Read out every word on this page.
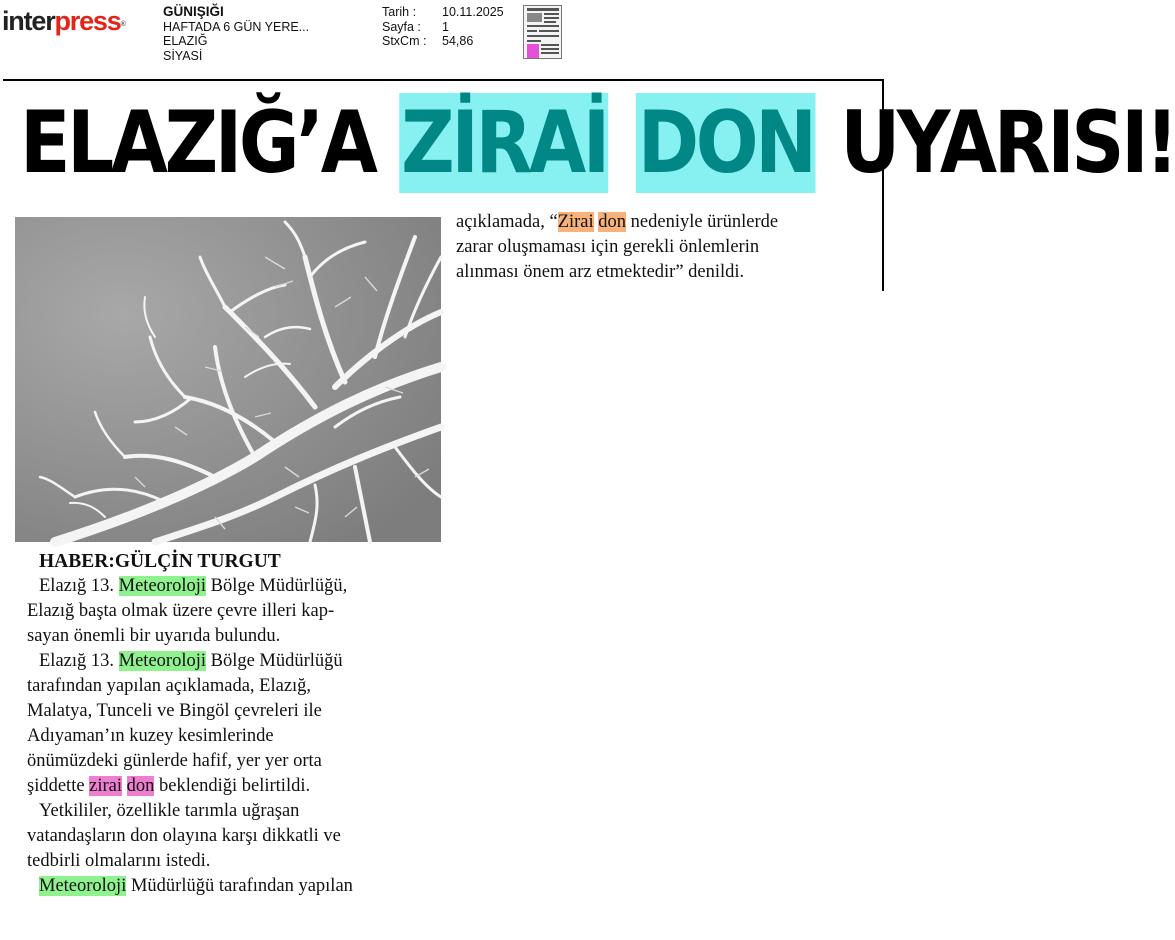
interpress®
GÜNIŞIĞI
HAFTADA 6 GÜN YERE...
ELAZIĞ
SİYASİ
Tarih :	10.11.2025
Sayfa :	1
StxCm :	54,86
ELAZIĞ’A ZİRAİ DON UYARISI!
HABER:GÜLÇİN TURGUT
Elazığ 13. Meteoroloji Bölge Müdürlüğü,
Elazığ başta olmak üzere çevre illeri kap-
sayan önemli bir uyarıda bulundu.
Elazığ 13. Meteoroloji Bölge Müdürlüğü
tarafından yapılan açıklamada, Elazığ,
Malatya, Tunceli ve Bingöl çevreleri ile
Adıyaman’ın kuzey kesimlerinde
önümüzdeki günlerde hafif, yer yer orta
şiddette zirai don beklendiği belirtildi.
Yetkililer, özellikle tarımla uğraşan
vatandaşların don olayına karşı dikkatli ve
tedbirli olmalarını istedi.
Meteoroloji Müdürlüğü tarafından yapılan
açıklamada, “Zirai don nedeniyle ürünlerde
zarar oluşmaması için gerekli önlemlerin
alınması önem arz etmektedir” denildi.
